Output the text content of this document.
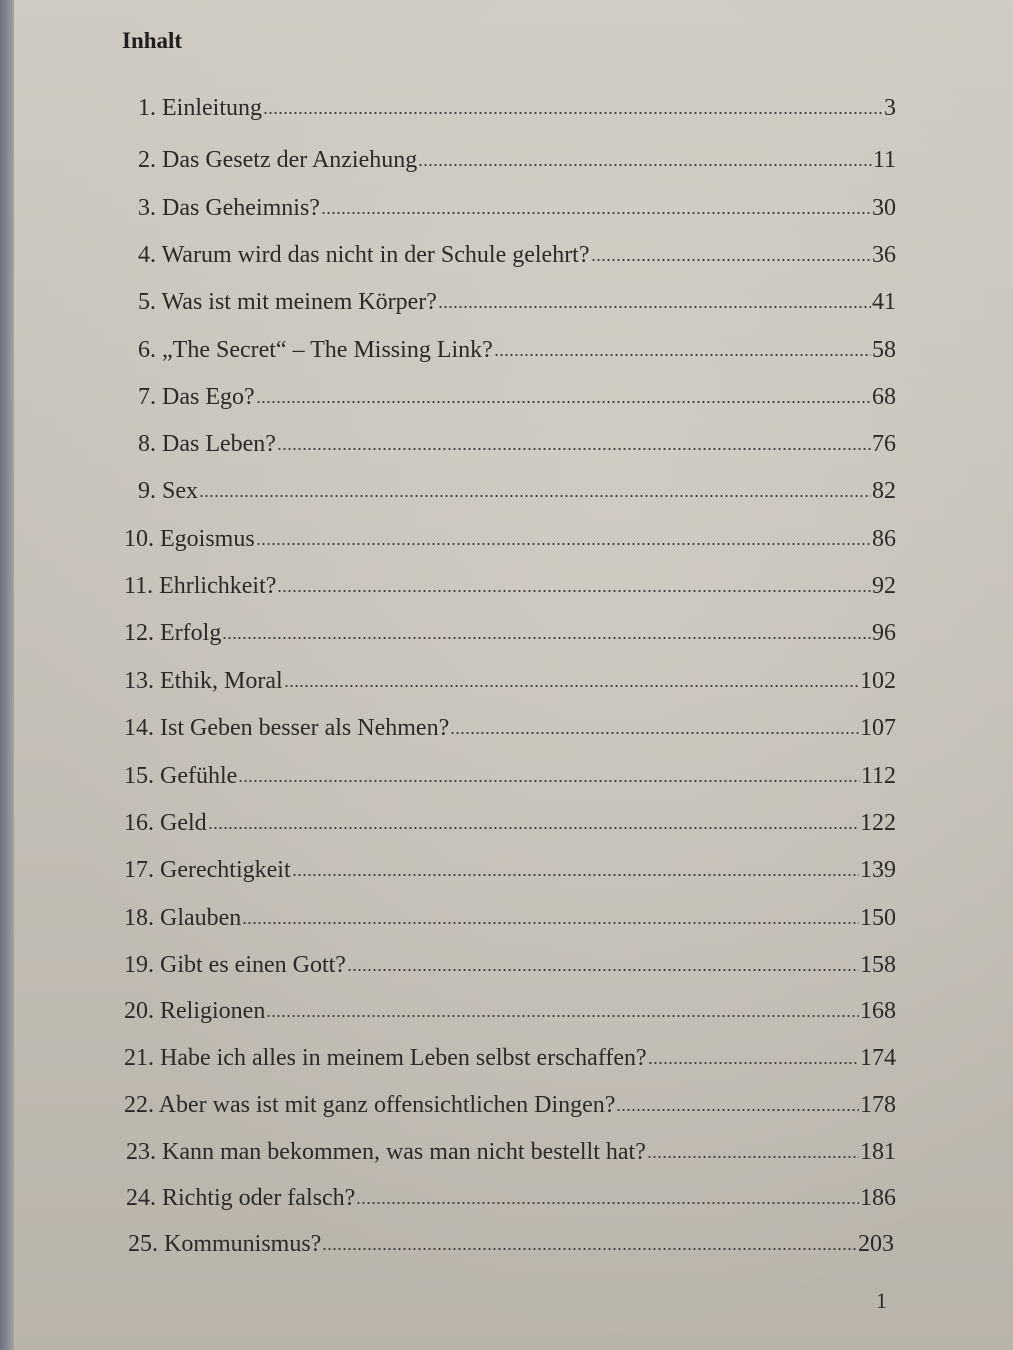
Inhalt
1. Einleitung	3
2. Das Gesetz der Anziehung	11
3. Das Geheimnis?	30
4. Warum wird das nicht in der Schule gelehrt?	36
5. Was ist mit meinem Körper?	41
6. „The Secret“ – The Missing Link?	58
7. Das Ego?	68
8. Das Leben?	76
9. Sex	82
10. Egoismus	86
11. Ehrlichkeit?	92
12. Erfolg	96
13. Ethik, Moral	102
14. Ist Geben besser als Nehmen?	107
15. Gefühle	112
16. Geld	122
17. Gerechtigkeit	139
18. Glauben	150
19. Gibt es einen Gott?	158
20. Religionen	168
21. Habe ich alles in meinem Leben selbst erschaffen?	174
22. Aber was ist mit ganz offensichtlichen Dingen?	178
23. Kann man bekommen, was man nicht bestellt hat?	181
24. Richtig oder falsch?	186
25. Kommunismus?	203
1
